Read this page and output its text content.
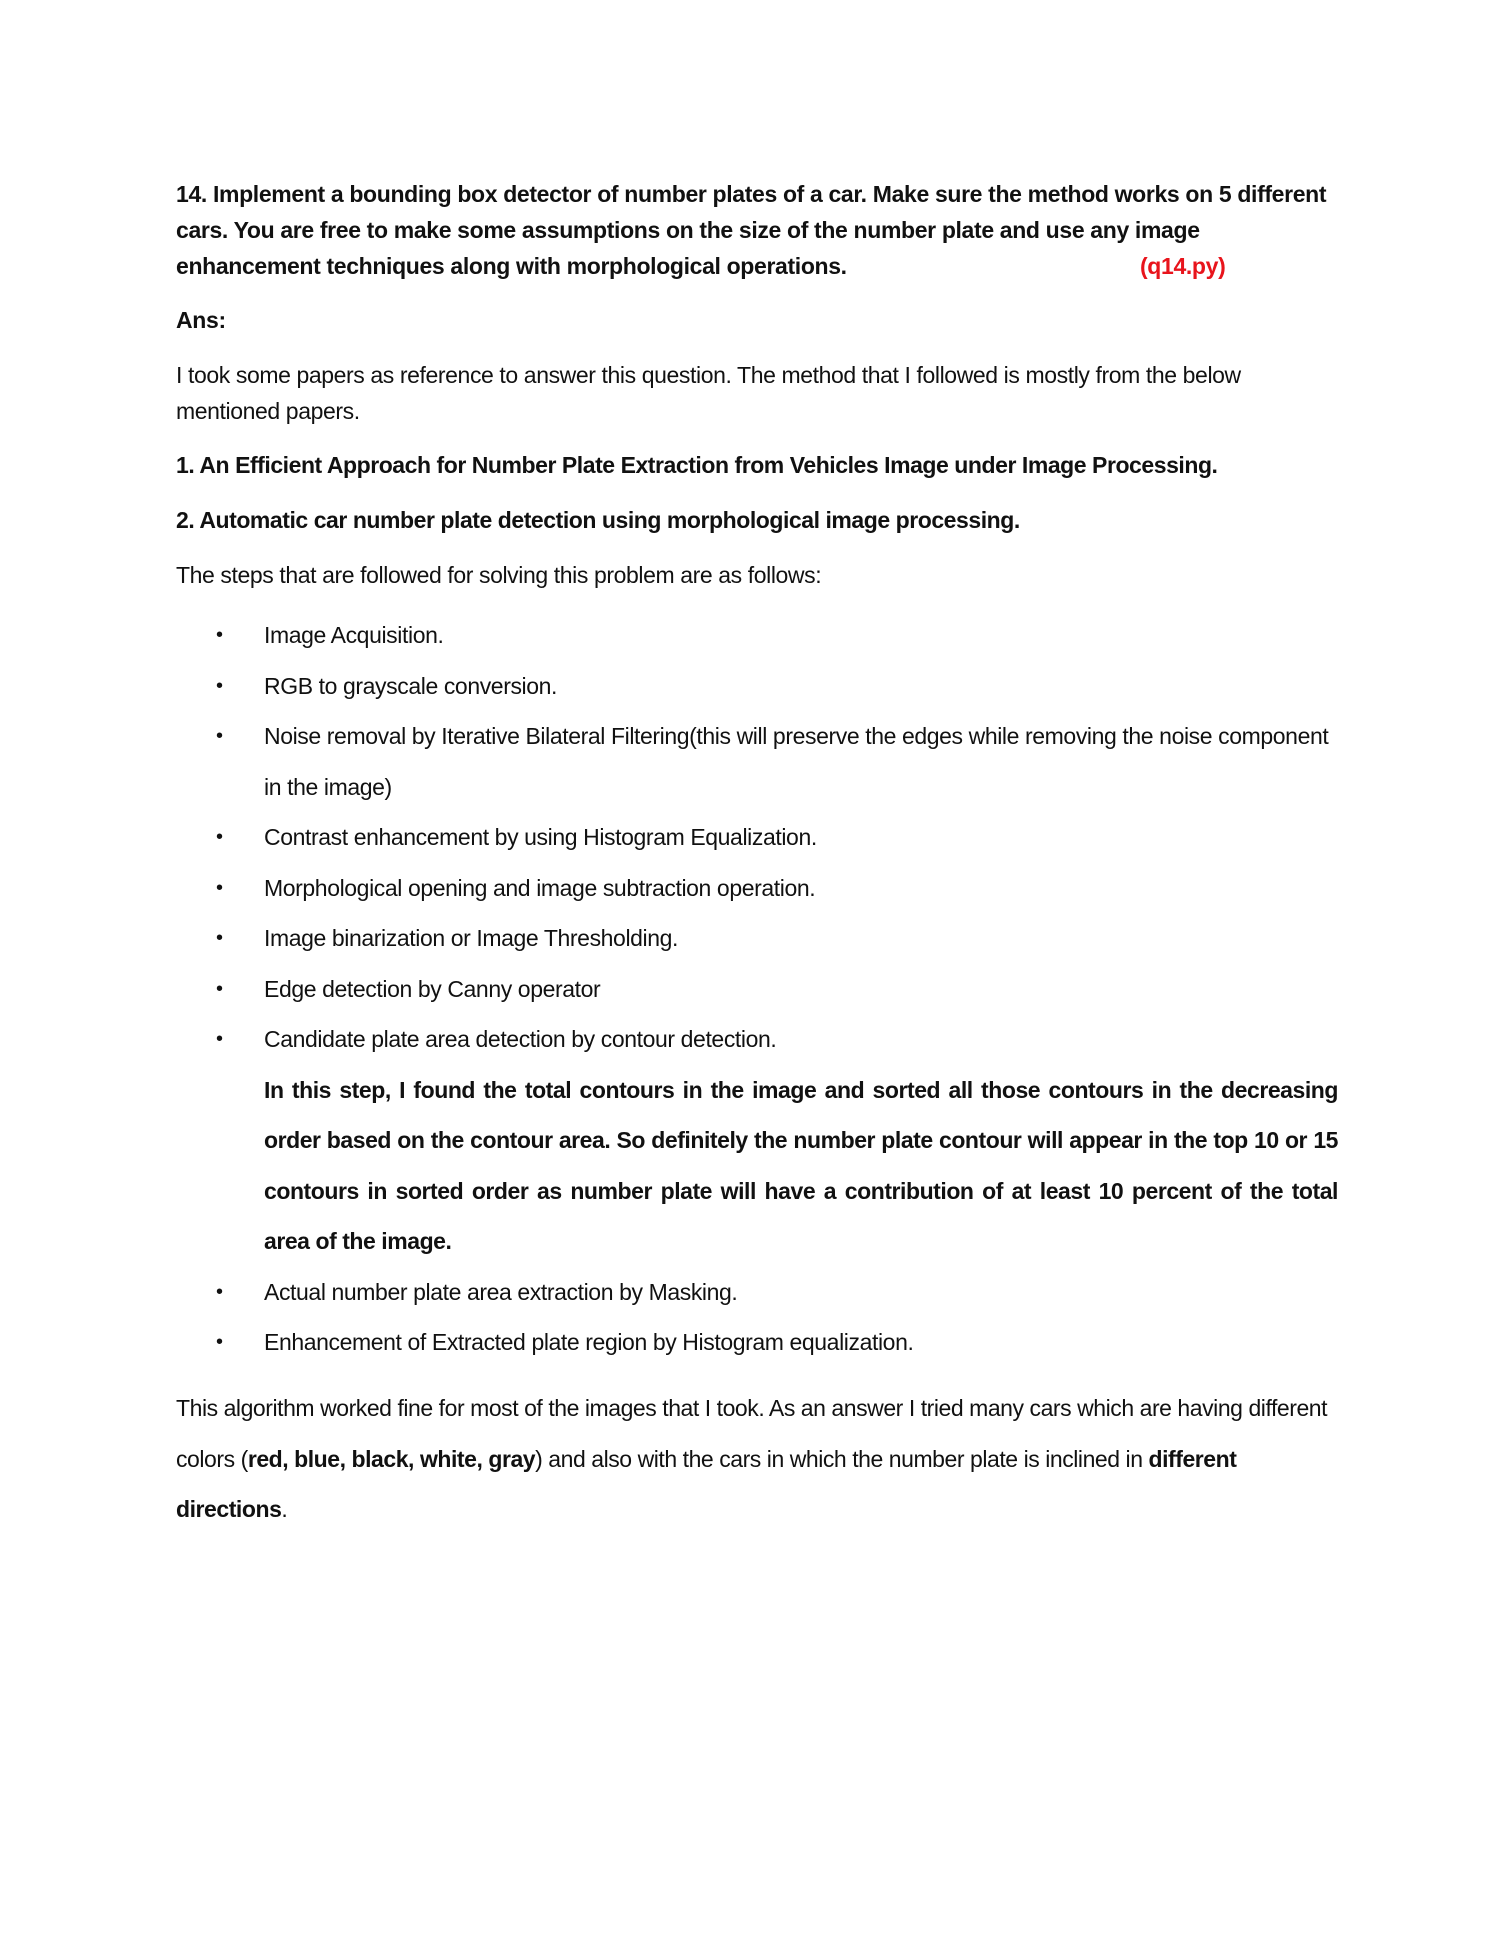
14. Implement a bounding box detector of number plates of a car. Make sure the method works on 5 different cars. You are free to make some assumptions on the size of the number plate and use any image enhancement techniques along with morphological operations.	(q14.py)
Ans:
I took some papers as reference to answer this question. The method that I followed is mostly from the below mentioned papers.
1. An Efficient Approach for Number Plate Extraction from Vehicles Image under Image Processing.
2. Automatic car number plate detection using morphological image processing.
The steps that are followed for solving this problem are as follows:
• Image Acquisition.
• RGB to grayscale conversion.
• Noise removal by Iterative Bilateral Filtering(this will preserve the edges while removing the noise component in the image)
• Contrast enhancement by using Histogram Equalization.
• Morphological opening and image subtraction operation.
• Image binarization or Image Thresholding.
• Edge detection by Canny operator
• Candidate plate area detection by contour detection.
In this step, I found the total contours in the image and sorted all those contours in the decreasing order based on the contour area. So definitely the number plate contour will appear in the top 10 or 15 contours in sorted order as number plate will have a contribution of at least 10 percent of the total area of the image.
• Actual number plate area extraction by Masking.
• Enhancement of Extracted plate region by Histogram equalization.
This algorithm worked fine for most of the images that I took. As an answer I tried many cars which are having different colors (red, blue, black, white, gray) and also with the cars in which the number plate is inclined in different directions.
